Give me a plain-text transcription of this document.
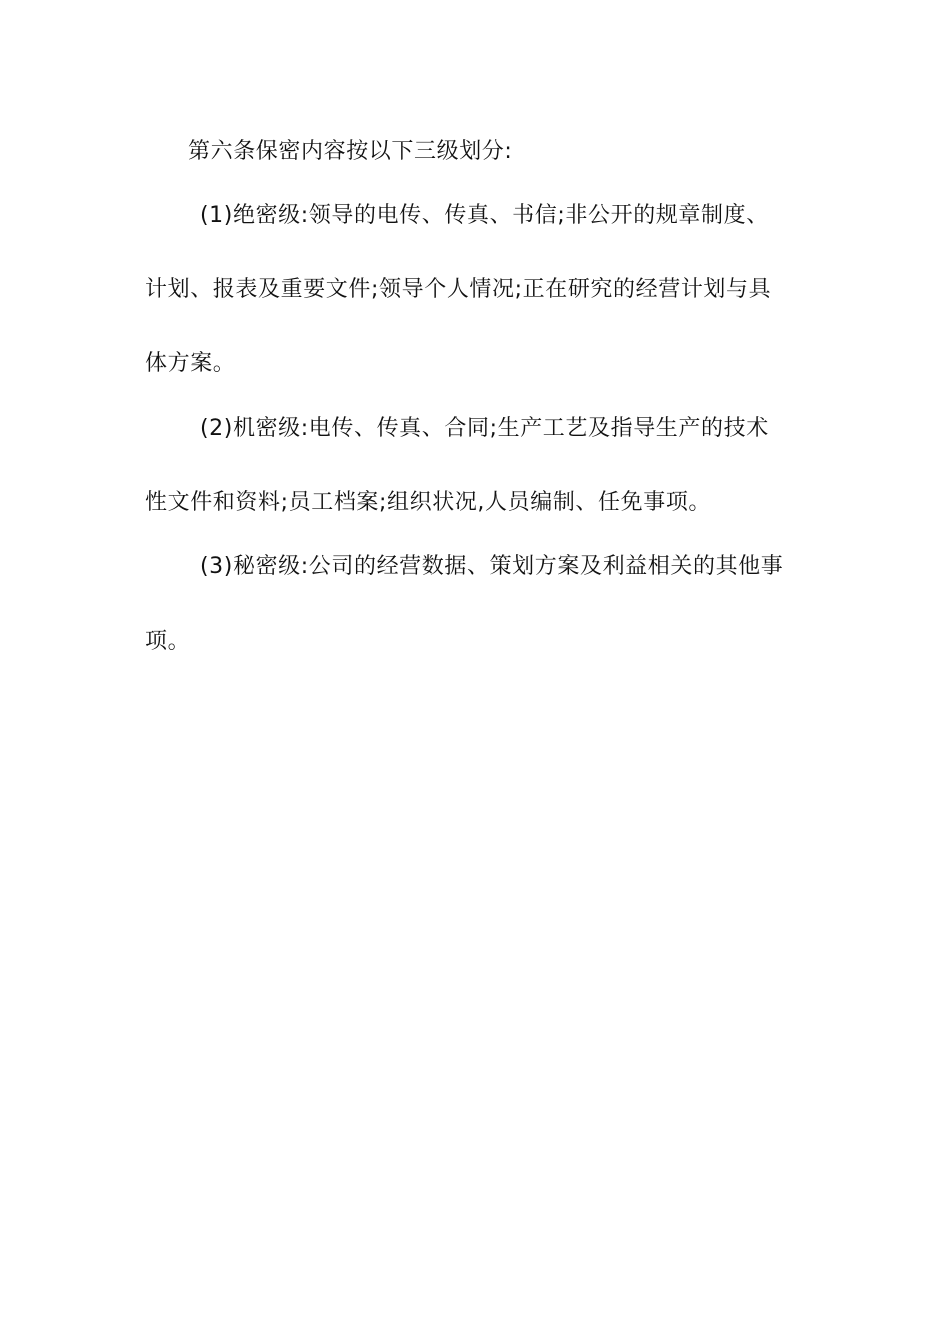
第六条保密内容按以下三级划分:
(1)绝密级:领导的电传、传真、书信;非公开的规章制度、
计划、报表及重要文件;领导个人情况;正在研究的经营计划与具
体方案。
(2)机密级:电传、传真、合同;生产工艺及指导生产的技术
性文件和资料;员工档案;组织状况,人员编制、任免事项。
(3)秘密级:公司的经营数据、策划方案及利益相关的其他事
项。
